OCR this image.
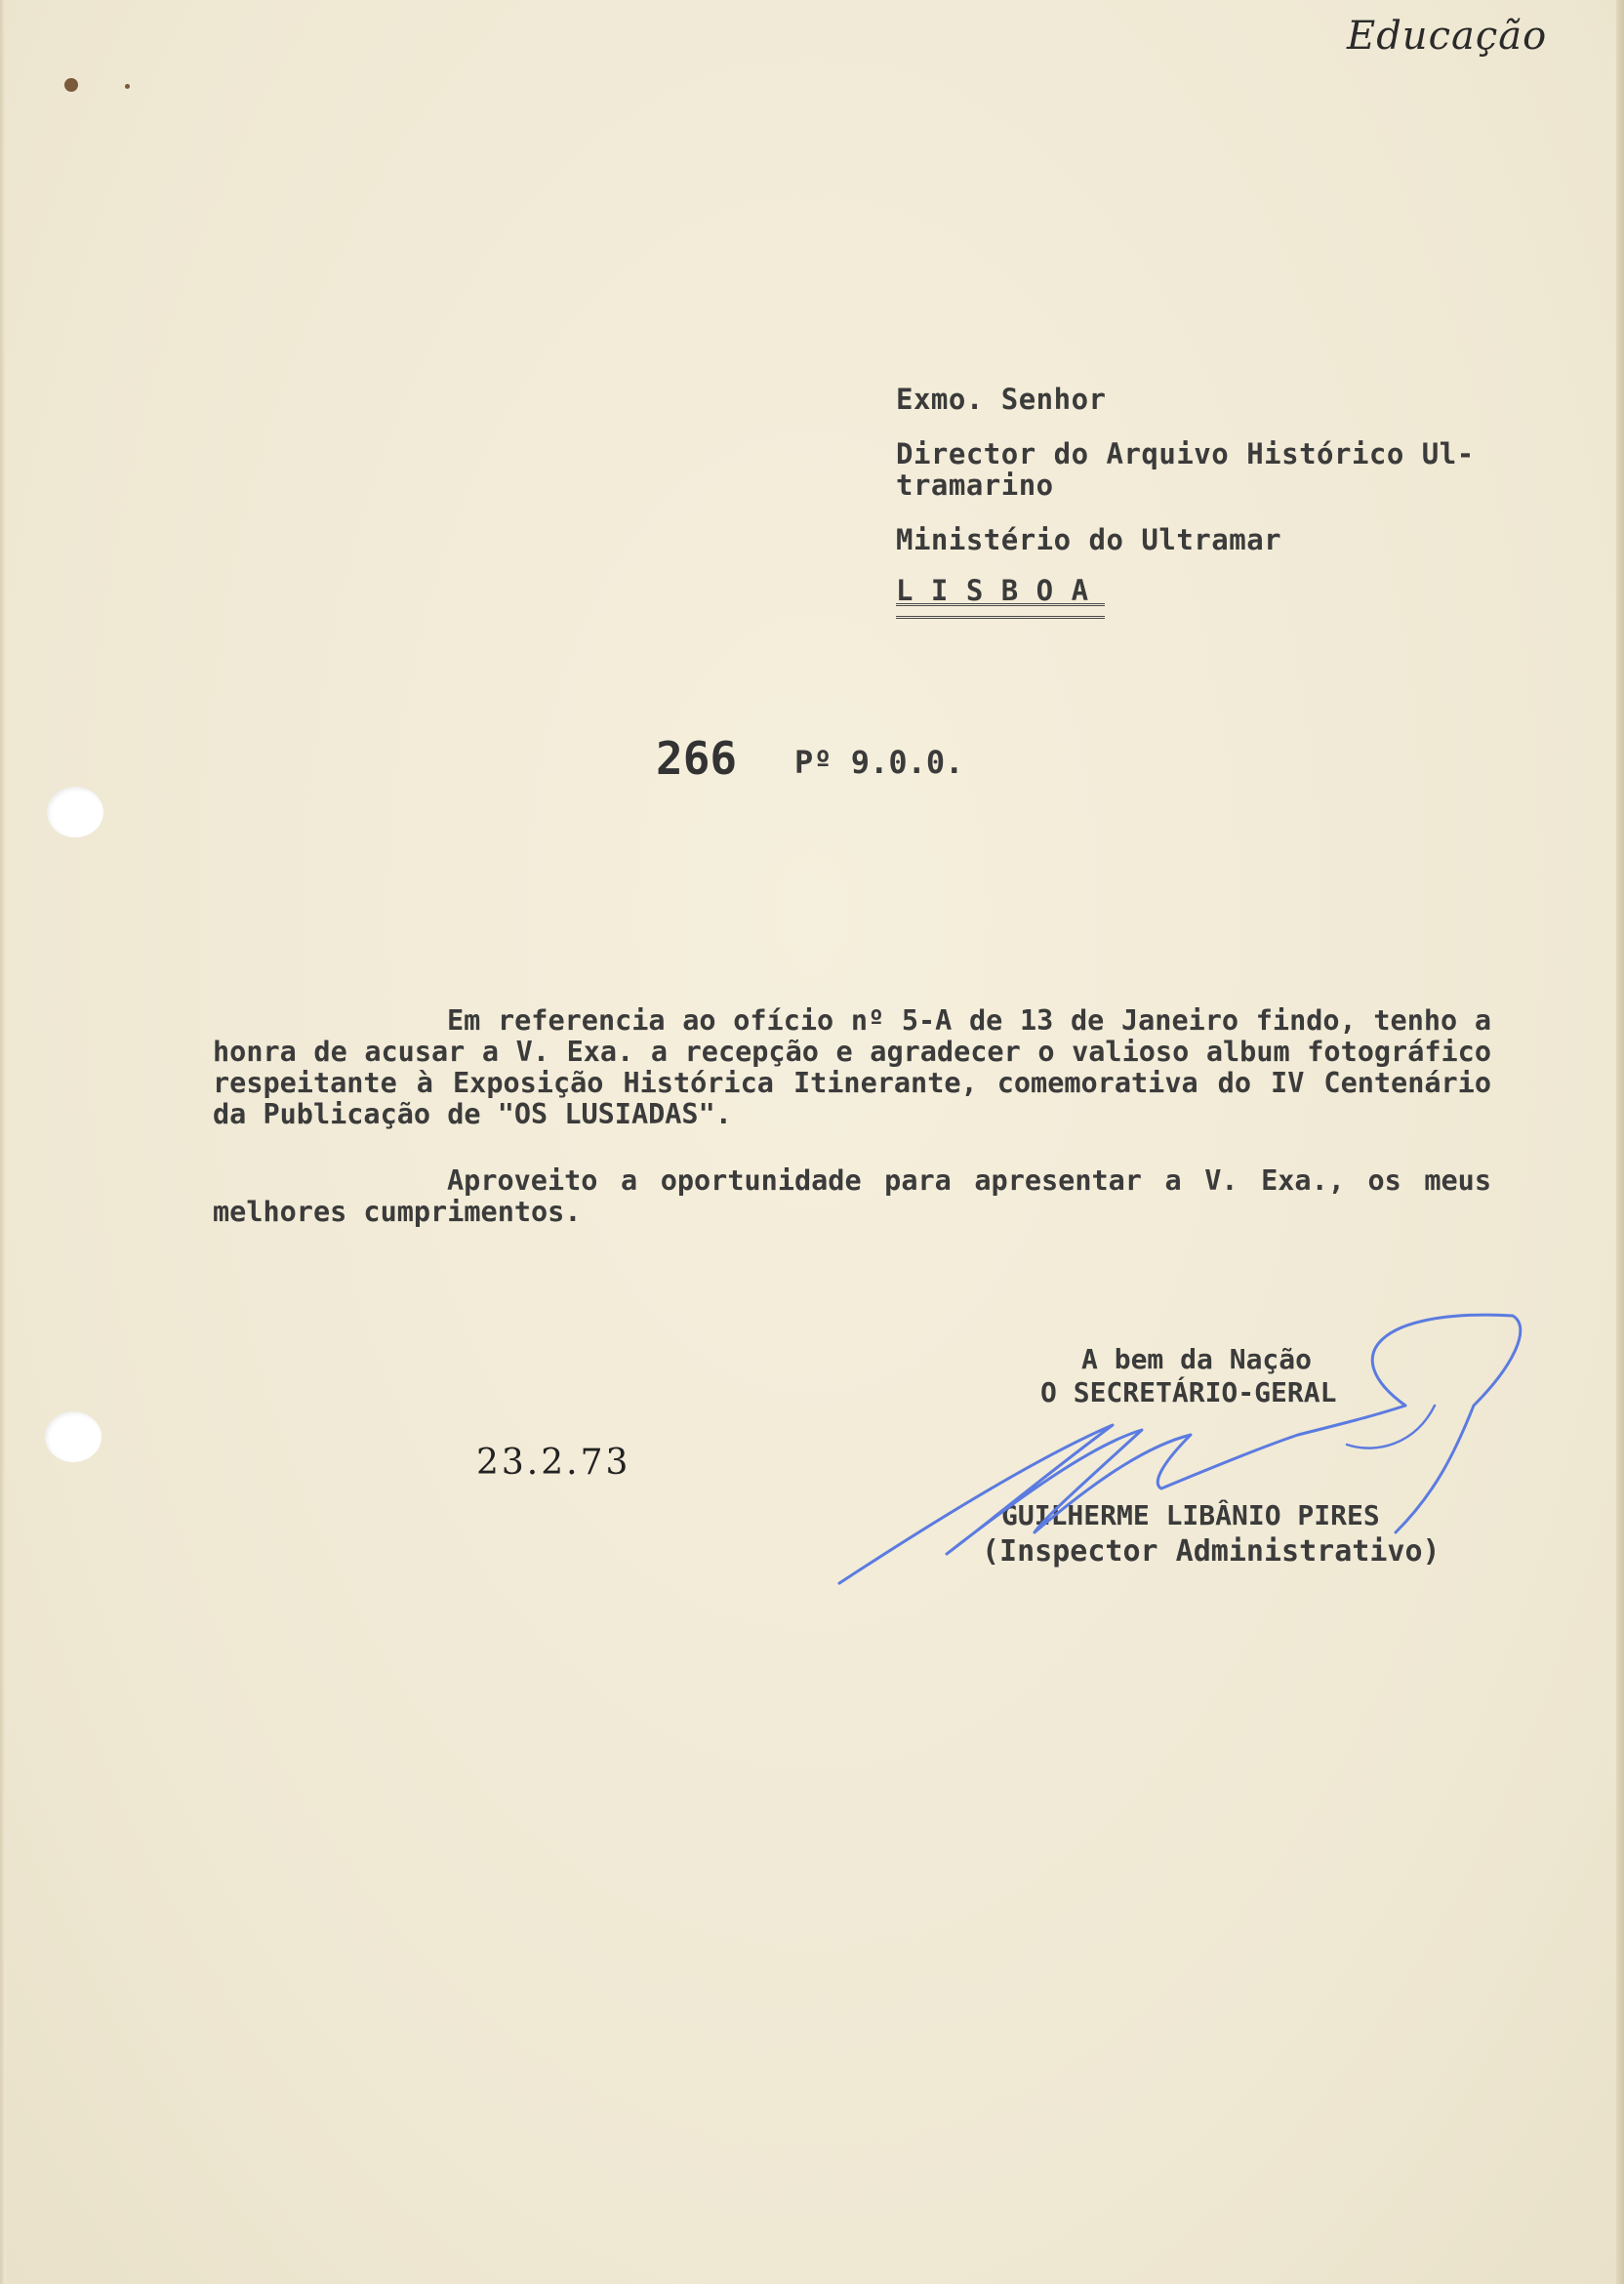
Educação
Exmo. Senhor
Director do Arquivo Histórico Ul-
tramarino
Ministério do Ultramar
L I S B O A
266 Pº 9.0.0.
Em referencia ao ofício nº 5-A de 13 de Janeiro findo, tenho a honra de acusar a V. Exa. a recepção e agradecer o valioso album fotográfico respeitante à Exposição Histórica Itinerante, comemorativa do IV Centenário da Publicação de "OS LUSIADAS".
Aproveito a oportunidade para apresentar a V. Exa., os meus melhores cumprimentos.
A bem da Nação
O SECRETÁRIO-GERAL
23.2.73
GUILHERME LIBÂNIO PIRES
(Inspector Administrativo)
